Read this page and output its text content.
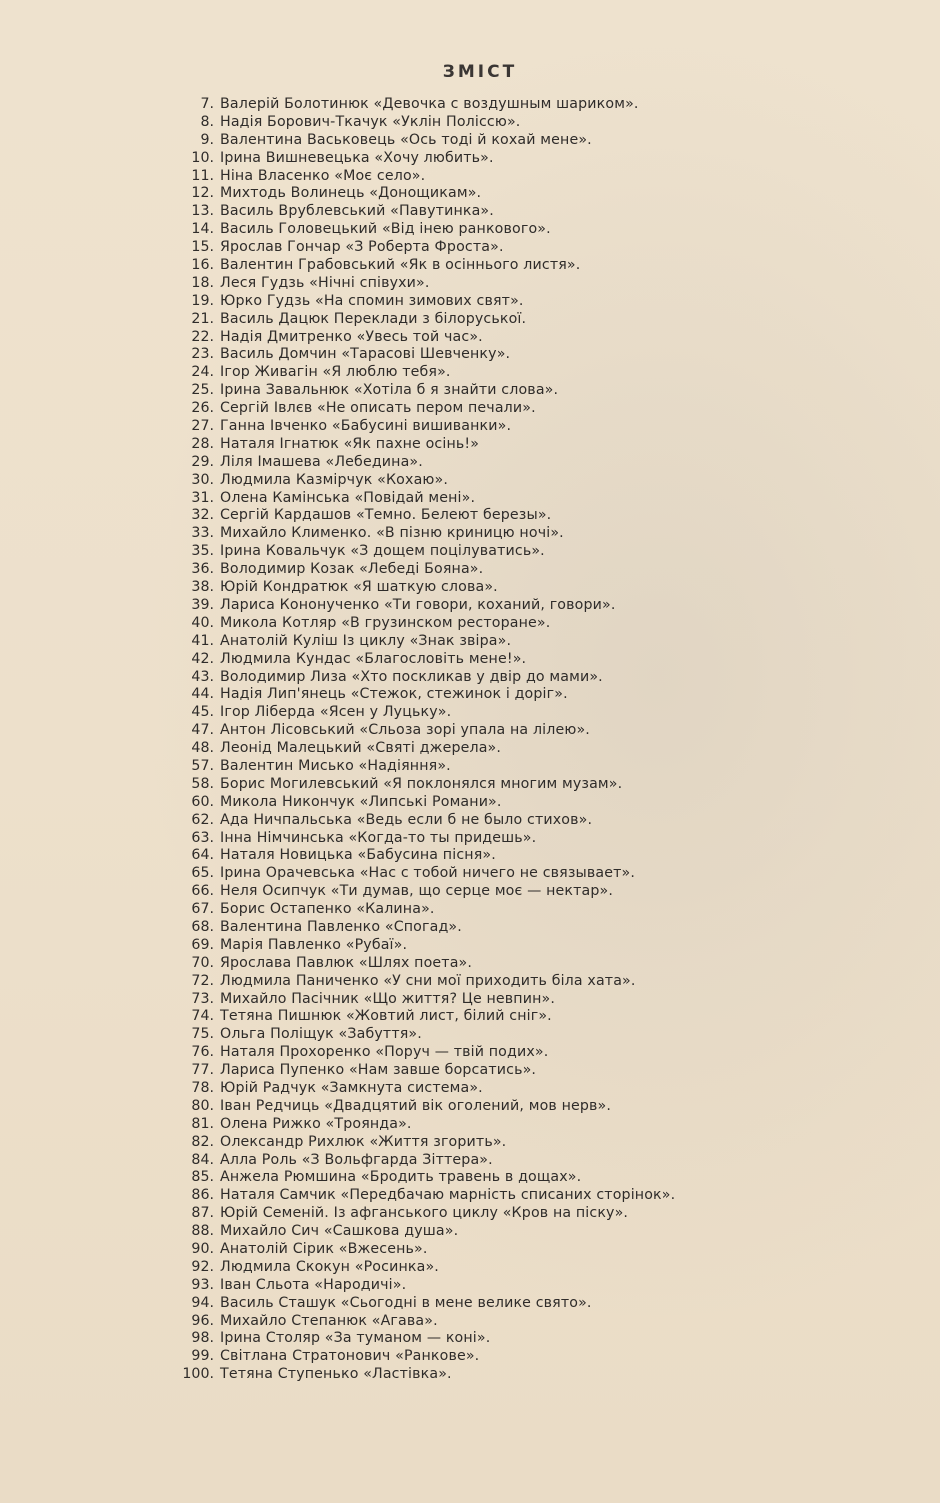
ЗМІСТ
7. Валерій Болотинюк «Девочка с воздушным шариком».
8. Надія Борович-Ткачук «Уклін Поліссю».
9. Валентина Васьковець «Ось тоді й кохай мене».
10. Ірина Вишневецька «Хочу любить».
11. Ніна Власенко «Моє село».
12. Михтодь Волинець «Донощикам».
13. Василь Врублевський «Павутинка».
14. Василь Головецький «Від інею ранкового».
15. Ярослав Гончар «З Роберта Фроста».
16. Валентин Грабовський «Як в осіннього листя».
18. Леся Гудзь «Нічні співухи».
19. Юрко Гудзь «На спомин зимових свят».
21. Василь Дацюк Переклади з білоруської.
22. Надія Дмитренко «Увесь той час».
23. Василь Домчин «Тарасові Шевченку».
24. Ігор Живагін «Я люблю тебя».
25. Ірина Завальнюк «Хотіла б я знайти слова».
26. Сергій Івлєв «Не описать пером печали».
27. Ганна Івченко «Бабусині вишиванки».
28. Наталя Ігнатюк «Як пахне осінь!»
29. Ліля Імашева «Лебедина».
30. Людмила Казмірчук «Кохаю».
31. Олена Камінська «Повідай мені».
32. Сергій Кардашов «Темно. Белеют березы».
33. Михайло Клименко. «В пізню криницю ночі».
35. Ірина Ковальчук «З дощем поцілуватись».
36. Володимир Козак «Лебеді Бояна».
38. Юрій Кондратюк «Я шаткую слова».
39. Лариса Кононученко «Ти говори, коханий, говори».
40. Микола Котляр «В грузинском ресторане».
41. Анатолій Куліш Із циклу «Знак звіра».
42. Людмила Кундас «Благословіть мене!».
43. Володимир Лиза «Хто поскликав у двір до мами».
44. Надія Лип'янець «Стежок, стежинок і доріг».
45. Ігор Ліберда «Ясен у Луцьку».
47. Антон Лісовський «Сльоза зорі упала на лілею».
48. Леонід Малецький «Святі джерела».
57. Валентин Мисько «Надіяння».
58. Борис Могилевський «Я поклонялся многим музам».
60. Микола Никончук «Липські Романи».
62. Ада Ничпальська «Ведь если б не было стихов».
63. Інна Німчинська «Когда-то ты придешь».
64. Наталя Новицька «Бабусина пісня».
65. Ірина Орачевська «Нас с тобой ничего не связывает».
66. Неля Осипчук «Ти думав, що серце моє — нектар».
67. Борис Остапенко «Калина».
68. Валентина Павленко «Спогад».
69. Марія Павленко «Рубаї».
70. Ярослава Павлюк «Шлях поета».
72. Людмила Паниченко «У сни мої приходить біла хата».
73. Михайло Пасічник «Що життя? Це невпин».
74. Тетяна Пишнюк «Жовтий лист, білий сніг».
75. Ольга Поліщук «Забуття».
76. Наталя Прохоренко «Поруч — твій подих».
77. Лариса Пупенко «Нам завше борсатись».
78. Юрій Радчук «Замкнута система».
80. Іван Редчиць «Двадцятий вік оголений, мов нерв».
81. Олена Рижко «Троянда».
82. Олександр Рихлюк «Життя згорить».
84. Алла Роль «З Вольфгарда Зіттера».
85. Анжела Рюмшина «Бродить травень в дощах».
86. Наталя Самчик «Передбачаю марність списаних сторінок».
87. Юрій Семеній. Із афганського циклу «Кров на піску».
88. Михайло Сич «Сашкова душа».
90. Анатолій Сірик «Вжесень».
92. Людмила Скокун «Росинка».
93. Іван Сльота «Народичі».
94. Василь Сташук «Сьогодні в мене велике свято».
96. Михайло Степанюк «Агава».
98. Ірина Столяр «За туманом — коні».
99. Світлана Стратонович «Ранкове».
100. Тетяна Ступенько «Ластівка».
